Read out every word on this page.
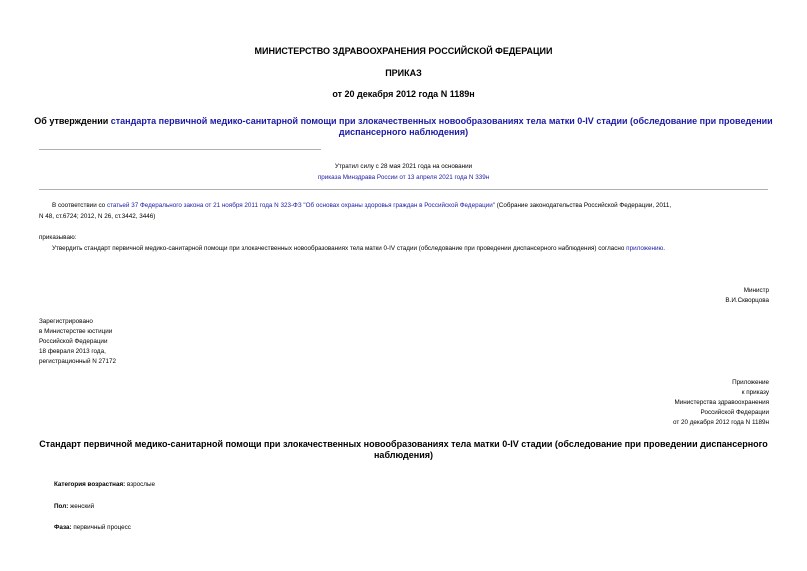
МИНИСТЕРСТВО ЗДРАВООХРАНЕНИЯ РОССИЙСКОЙ ФЕДЕРАЦИИ
ПРИКАЗ
от 20 декабря 2012 года N 1189н
Об утверждении стандарта первичной медико-санитарной помощи при злокачественных новообразованиях тела матки 0-IV стадии (обследование при проведении диспансерного наблюдения)
Утратил силу с 28 мая 2021 года на основании
приказа Минздрава России от 13 апреля 2021 года N 339н
В соответствии со статьей 37 Федерального закона от 21 ноября 2011 года N 323-ФЗ "Об основах охраны здоровья граждан в Российской Федерации" (Собрание законодательства Российской Федерации, 2011,
N 48, ст.6724; 2012, N 26, ст.3442, 3446)
приказываю:
Утвердить стандарт первичной медико-санитарной помощи при злокачественных новообразованиях тела матки 0-IV стадии (обследование при проведении диспансерного наблюдения) согласно приложению.
Министр
В.И.Скворцова
Зарегистрировано
в Министерстве юстиции
Российской Федерации
18 февраля 2013 года,
регистрационный N 27172
Приложение
к приказу
Министерства здравоохранения
Российской Федерации
от 20 декабря 2012 года N 1189н
Стандарт первичной медико-санитарной помощи при злокачественных новообразованиях тела матки 0-IV стадии (обследование при проведении диспансерного наблюдения)
Категория возрастная: взрослые
Пол: женский
Фаза: первичный процесс
